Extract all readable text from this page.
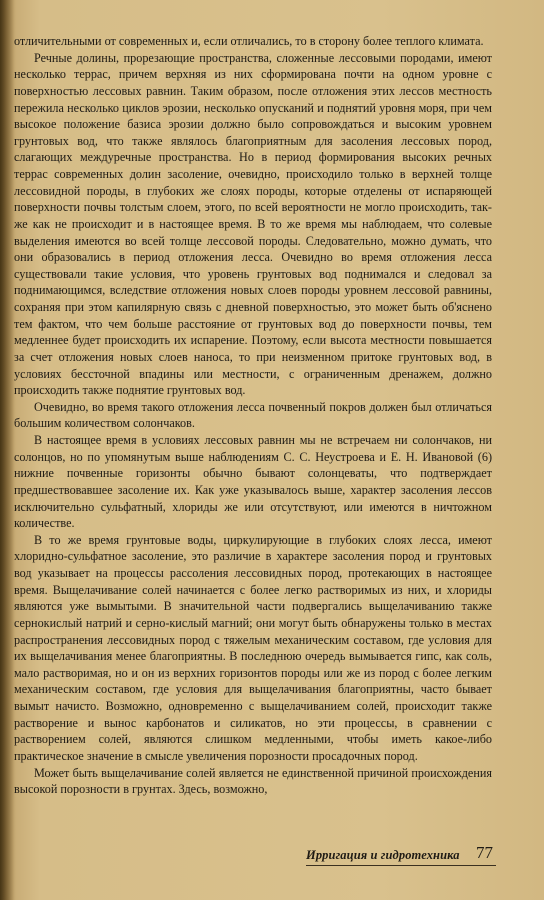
отличительными от современных и, если отличались, то в сторону более теплого климата.

Речные долины, прорезающие пространства, сложенные лессовыми породами, имеют несколько террас, причем верхняя из них сформирована почти на одном уровне с поверхностью лессовых равнин. Таким образом, после отложения этих лессов местность пережила несколько циклов эрозии, несколько опусканий и поднятий уровня моря, при чем высокое положение базиса эрозии должно было сопровождаться и высоким уровнем грунтовых вод, что также являлось благоприятным для засоления лессовых пород, слагающих междуречные пространства. Но в период формирования высоких речных террас современных долин засоление, очевидно, происходило только в верхней толще лессовидной породы, в глубоких же слоях породы, которые отделены от испаряющей поверхности почвы толстым слоем, этого, по всей вероятности не могло происходить, так-же как не происходит и в настоящее время. В то же время мы наблюдаем, что солевые выделения имеются во всей толще лессовой породы. Следовательно, можно думать, что они образовались в период отложения лесса. Очевидно во время отложения лесса существовали такие условия, что уровень грунтовых вод поднимался и следовал за поднимающимся, вследствие отложения новых слоев породы уровнем лессовой равнины, сохраняя при этом капилярную связь с дневной поверхностью, это может быть об'яснено тем фактом, что чем больше расстояние от грунтовых вод до поверхности почвы, тем медленнее будет происходить их испарение. Поэтому, если высота местности повышается за счет отложения новых слоев наноса, то при неизменном притоке грунтовых вод, в условиях бессточной впадины или местности, с ограниченным дренажем, должно происходить также поднятие грунтовых вод.

Очевидно, во время такого отложения лесса почвенный покров должен был отличаться большим количеством солончаков.

В настоящее время в условиях лессовых равнин мы не встречаем ни солончаков, ни солонцов, но по упомянутым выше наблюдениям С. С. Неустроева и Е. Н. Ивановой (6) нижние почвенные горизонты обычно бывают солонцеваты, что подтверждает предшествовавшее засоление их. Как уже указывалось выше, характер засоления лессов исключительно сульфатный, хлориды же или отсутствуют, или имеются в ничтожном количестве.

В то же время грунтовые воды, циркулирующие в глубоких слоях лесса, имеют хлоридно-сульфатное засоление, это различие в характере засоления пород и грунтовых вод указывает на процессы рассоления лессовидных пород, протекающих в настоящее время. Выщелачивание солей начинается с более легко растворимых из них, и хлориды являются уже вымытыми. В значительной части подвергались выщелачиванию также сернокислый натрий и серно-кислый магний; они могут быть обнаружены только в местах распространения лессовидных пород с тяжелым механическим составом, где условия для их выщелачивания менее благоприятны. В последнюю очередь вымывается гипс, как соль, мало растворимая, но и он из верхних горизонтов породы или же из пород с более легким механическим составом, где условия для выщелачивания благоприятны, часто бывает вымыт начисто. Возможно, одновременно с выщелачиванием солей, происходит также растворение и вынос карбонатов и силикатов, но эти процессы, в сравнении с растворением солей, являются слишком медленными, чтобы иметь какое-либо практическое значение в смысле увеличения порозности просадочных пород.

Может быть выщелачивание солей является не единственной причиной происхождения высокой порозности в грунтах. Здесь, возможно,

Ирригация и гидротехника 77
